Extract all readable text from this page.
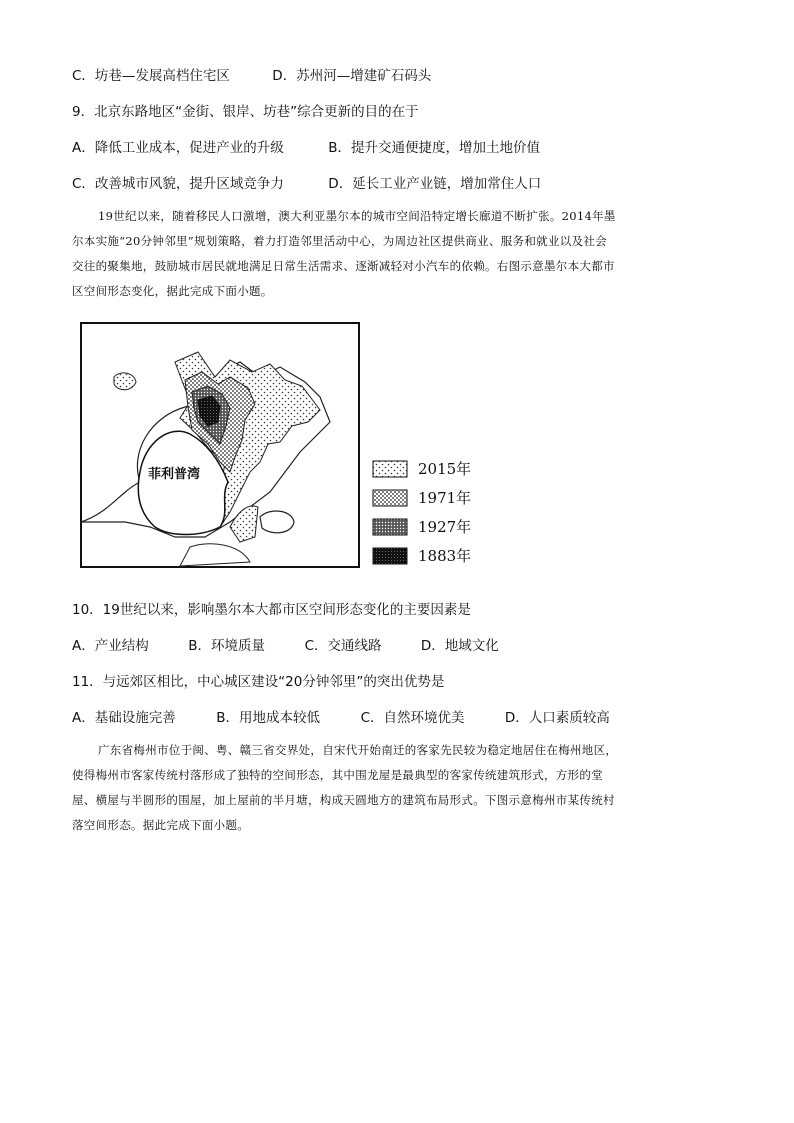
C．坊巷—发展高档住宅区	D．苏州河—增建矿石码头
9．北京东路地区“金街、银岸、坊巷”综合更新的目的在于
A．降低工业成本，促进产业的升级	B．提升交通便捷度，增加土地价值
C．改善城市风貌，提升区域竞争力	D．延长工业产业链，增加常住人口
19世纪以来，随着移民人口激增，澳大利亚墨尔本的城市空间沿特定增长廊道不断扩张。2014年墨
尔本实施“20分钟邻里”规划策略，着力打造邻里活动中心，为周边社区提供商业、服务和就业以及社会
交往的聚集地，鼓励城市居民就地满足日常生活需求、逐渐减轻对小汽车的依赖。右图示意墨尔本大都市
区空间形态变化，据此完成下面小题。
菲利普湾	2015年
1971年
1927年
1883年
10．19世纪以来，影响墨尔本大都市区空间形态变化的主要因素是
A．产业结构	B．环境质量	C．交通线路	D．地域文化
11．与远郊区相比，中心城区建设“20分钟邻里”的突出优势是
A．基础设施完善	B．用地成本较低	C．自然环境优美	D．人口素质较高
广东省梅州市位于闽、粤、赣三省交界处，自宋代开始南迁的客家先民较为稳定地居住在梅州地区，
使得梅州市客家传统村落形成了独特的空间形态，其中围龙屋是最典型的客家传统建筑形式，方形的堂
屋、横屋与半圆形的围屋，加上屋前的半月塘，构成天圆地方的建筑布局形式。下图示意梅州市某传统村
落空间形态。据此完成下面小题。
